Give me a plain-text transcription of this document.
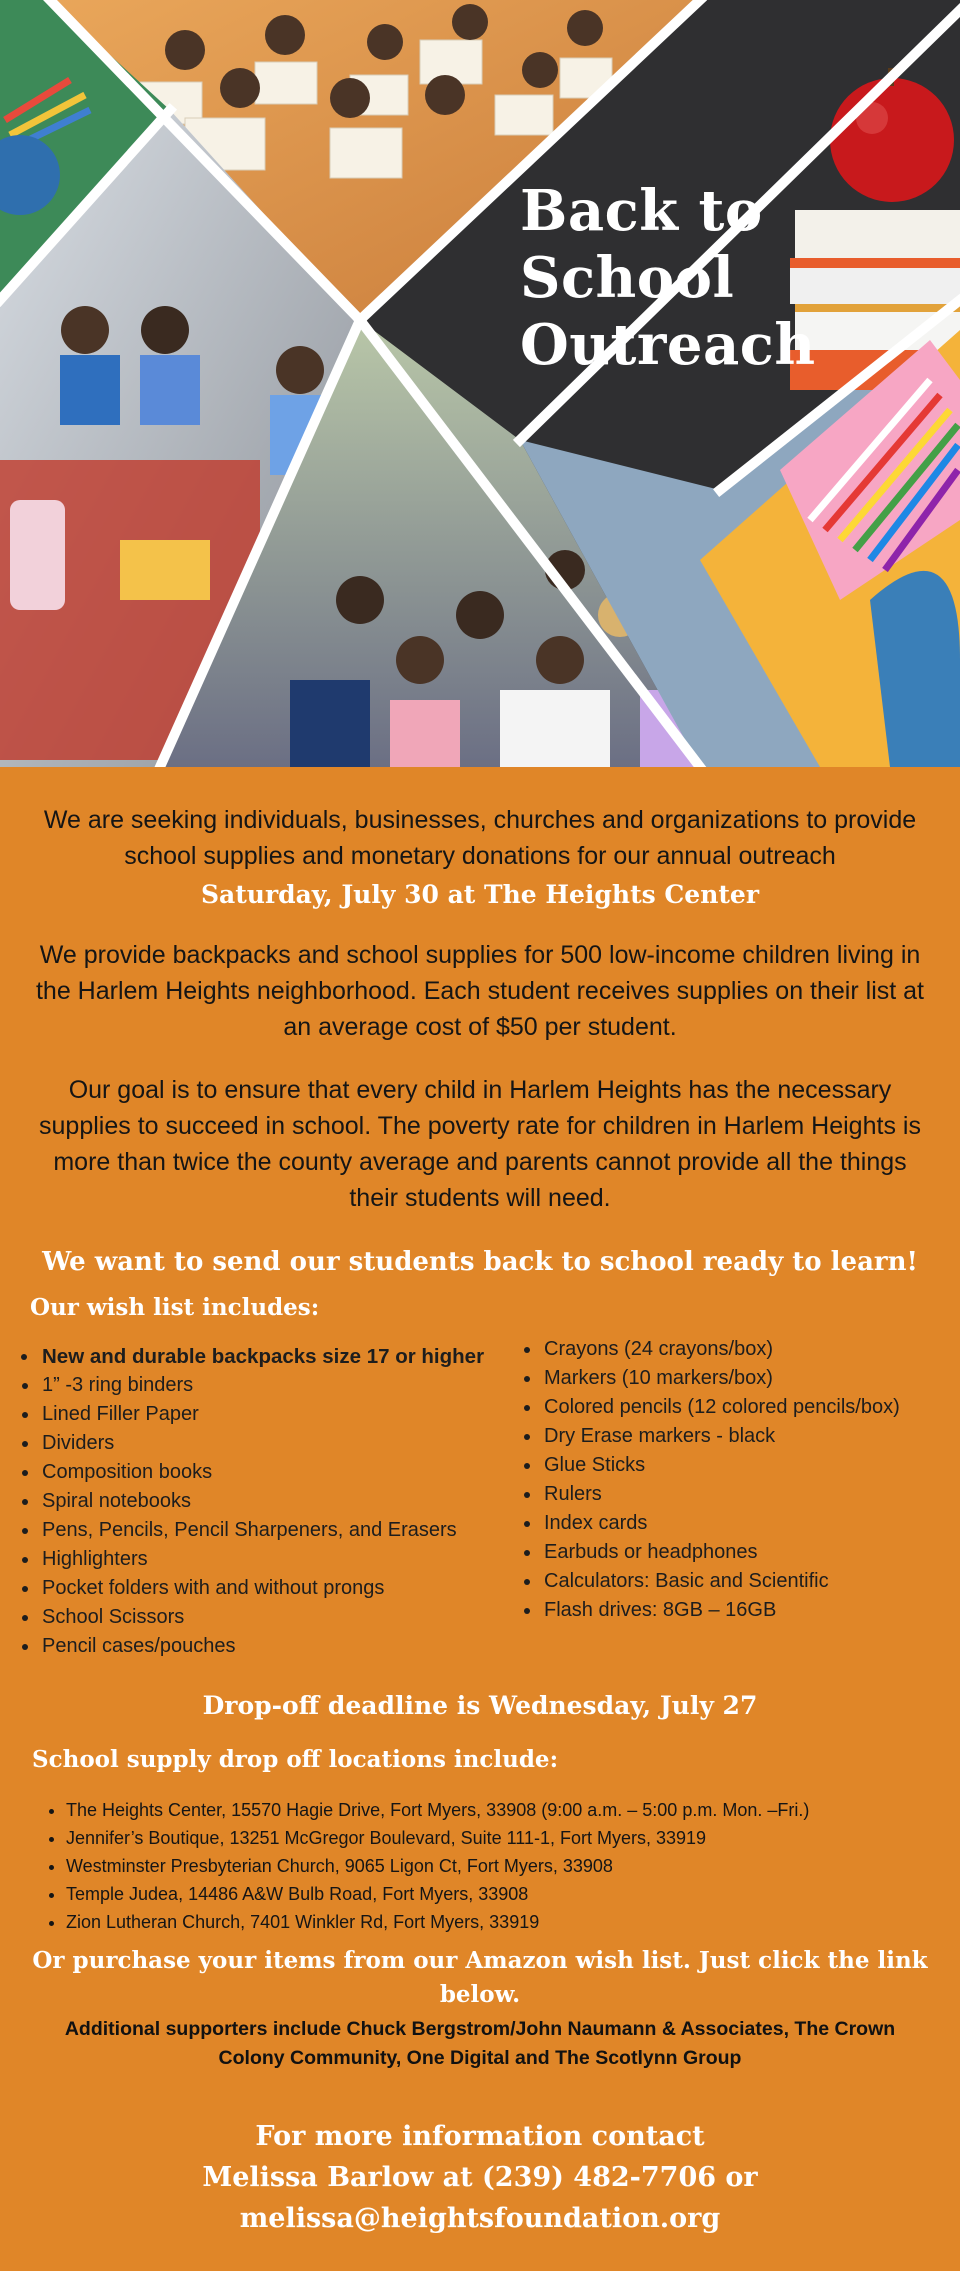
Back to
School
Outreach

We are seeking individuals, businesses, churches and organizations to provide school supplies and monetary donations for our annual outreach

Saturday, July 30 at The Heights Center

We provide backpacks and school supplies for 500 low-income children living in the Harlem Heights neighborhood. Each student receives supplies on their list at an average cost of $50 per student.

Our goal is to ensure that every child in Harlem Heights has the necessary supplies to succeed in school. The poverty rate for children in Harlem Heights is more than twice the county average and parents cannot provide all the things their students will need.

We want to send our students back to school ready to learn!

Our wish list includes:

• New and durable backpacks size 17 or higher
• 1” -3 ring binders
• Lined Filler Paper
• Dividers
• Composition books
• Spiral notebooks
• Pens, Pencils, Pencil Sharpeners, and Erasers
• Highlighters
• Pocket folders with and without prongs
• School Scissors
• Pencil cases/pouches
• Crayons (24 crayons/box)
• Markers (10 markers/box)
• Colored pencils (12 colored pencils/box)
• Dry Erase markers - black
• Glue Sticks
• Rulers
• Index cards
• Earbuds or headphones
• Calculators: Basic and Scientific
• Flash drives: 8GB – 16GB

Drop-off deadline is Wednesday, July 27

School supply drop off locations include:

• The Heights Center, 15570 Hagie Drive, Fort Myers, 33908 (9:00 a.m. – 5:00 p.m. Mon. –Fri.)
• Jennifer’s Boutique, 13251 McGregor Boulevard, Suite 111-1, Fort Myers, 33919
• Westminster Presbyterian Church, 9065 Ligon Ct, Fort Myers, 33908
• Temple Judea, 14486 A&W Bulb Road, Fort Myers, 33908
• Zion Lutheran Church, 7401 Winkler Rd, Fort Myers, 33919

Or purchase your items from our Amazon wish list. Just click the link below.

Additional supporters include Chuck Bergstrom/John Naumann & Associates, The Crown Colony Community, One Digital and The Scotlynn Group

For more information contact
Melissa Barlow at (239) 482-7706 or
melissa@heightsfoundation.org
